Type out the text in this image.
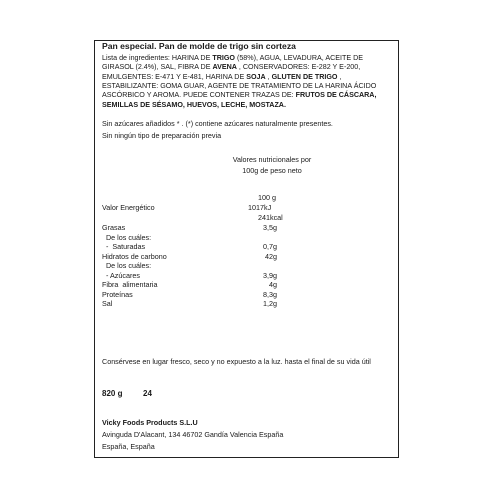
Pan especial. Pan de molde de trigo sin corteza
Lista de ingredientes: HARINA DE TRIGO (58%), AGUA, LEVADURA, ACEITE DE GIRASOL (2.4%), SAL, FIBRA DE AVENA , CONSERVADORES: E-282 Y E-200, EMULGENTES: E-471 Y E-481, HARINA DE SOJA , GLUTEN DE TRIGO , ESTABILIZANTE: GOMA GUAR, AGENTE DE TRATAMIENTO DE LA HARINA ÁCIDO ASCÓRBICO Y AROMA. PUEDE CONTENER TRAZAS DE: FRUTOS DE CÁSCARA, SEMILLAS DE SÉSAMO, HUEVOS, LECHE, MOSTAZA.
Sin azúcares añadidos * . (*) contiene azúcares naturalmente presentes.
Sin ningún tipo de preparación previa
Valores nutricionales por
100g de peso neto
100 g
Valor Energético	1017kJ
241kcal
Grasas	3,5g
De los cuáles:
-  Saturadas	0,7g
Hidratos de carbono	42g
De los cuáles:
- Azúcares	3,9g
Fibra  alimentaria	4g
Proteínas	8,3g
Sal	1,2g
Consérvese en lugar fresco, seco y no expuesto a la luz. hasta el final de su vida útil
820 g	24
Vicky Foods Products S.L.U
Avinguda D'Alacant, 134 46702 Gandía Valencia España
España, España
